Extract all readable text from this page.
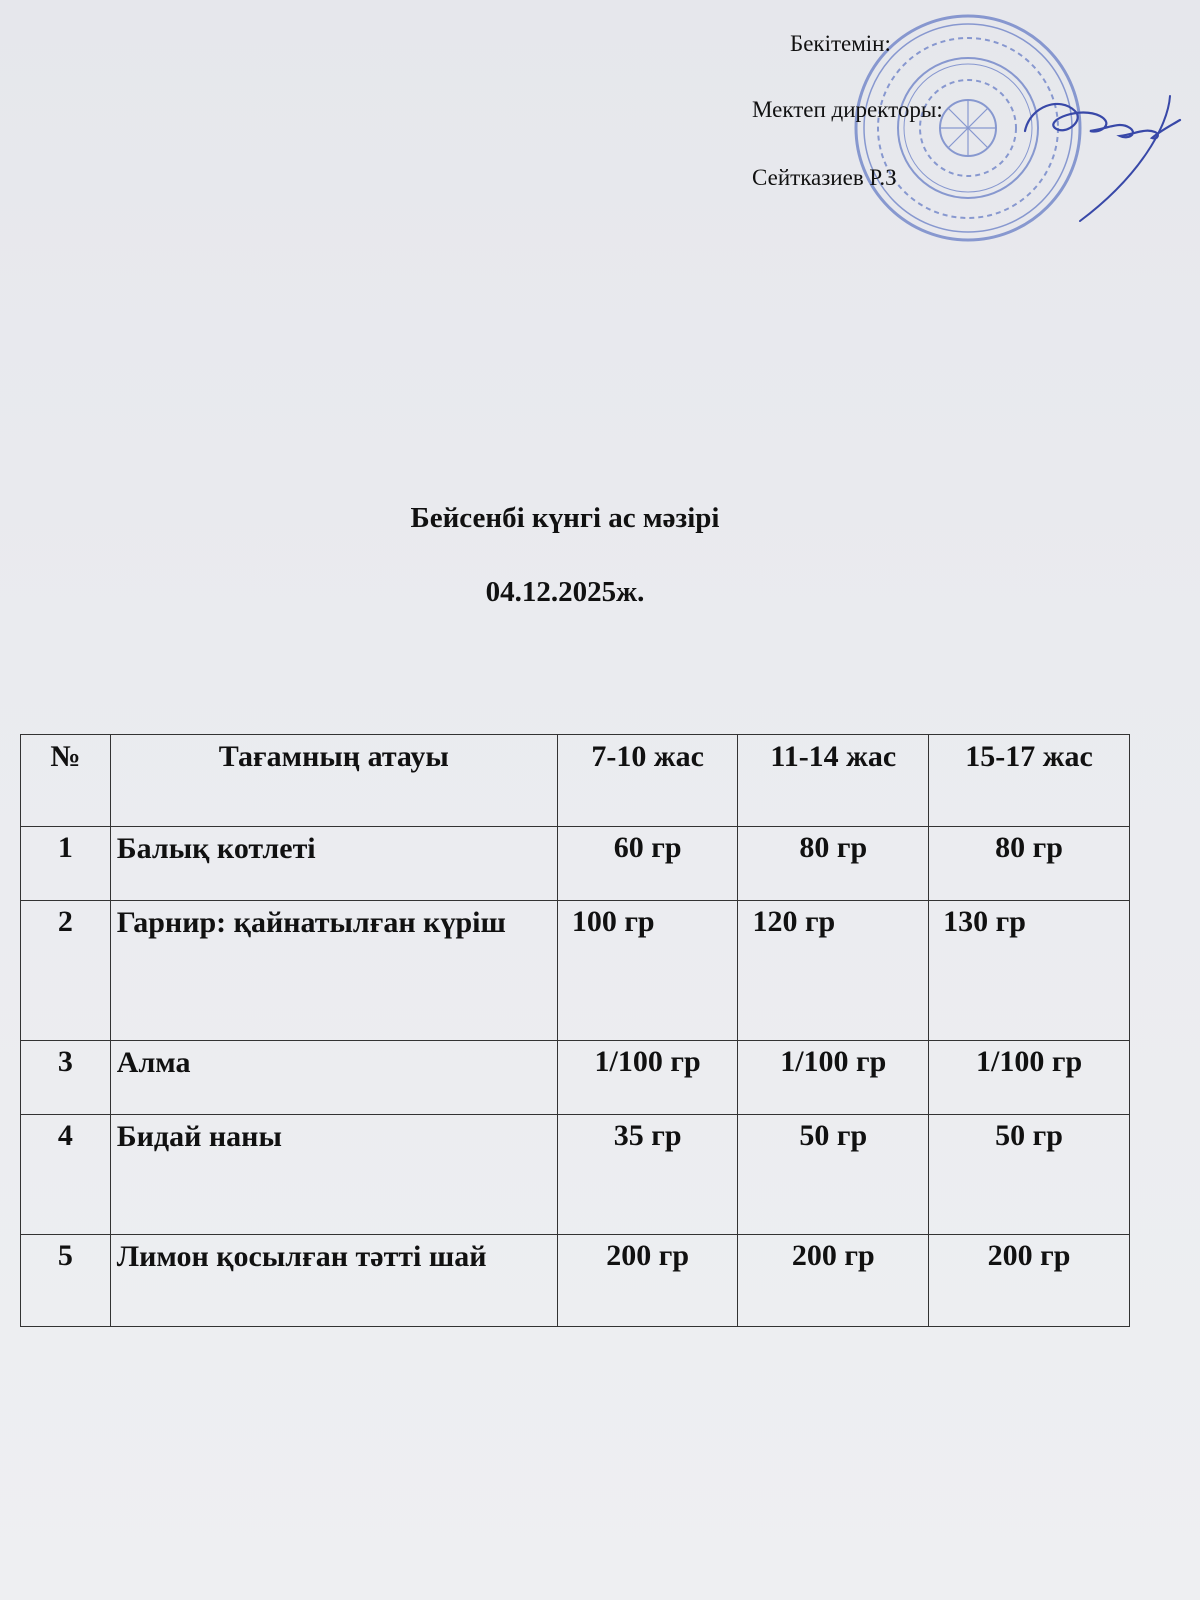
Бекітемін:
Мектеп директоры:
Сейтказиев Р.З
Бейсенбі күнгі ас мәзірі
04.12.2025ж.
№	Тағамның атауы	7-10 жас	11-14 жас	15-17 жас
1	Балық котлеті	60 гр	80 гр	80 гр
2	Гарнир: қайнатылған күріш	100 гр	120 гр	130 гр
3	Алма	1/100 гр	1/100 гр	1/100 гр
4	Бидай наны	35 гр	50 гр	50 гр
5	Лимон қосылған тәтті шай	200 гр	200 гр	200 гр
